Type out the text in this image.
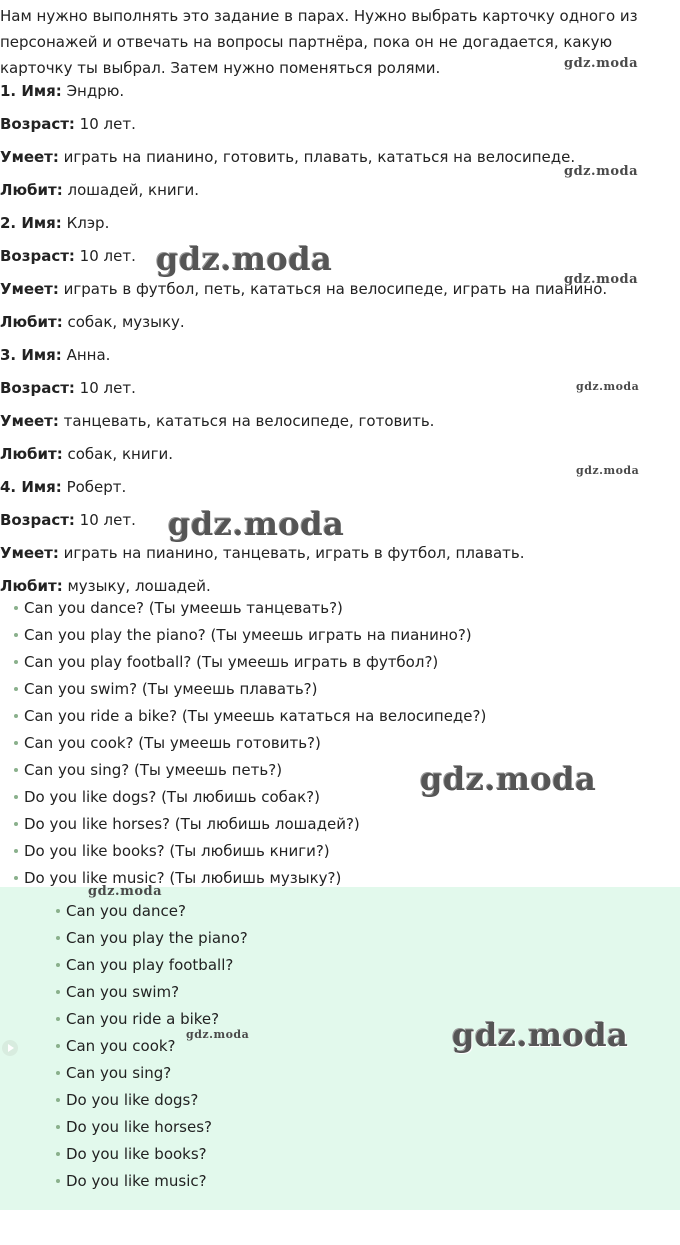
Нам нужно выполнять это задание в парах. Нужно выбрать карточку одного из персонажей и отвечать на вопросы партнёра, пока он не догадается, какую карточку ты выбрал. Затем нужно поменяться ролями.

1. Имя: Эндрю.
Возраст: 10 лет.
Умеет: играть на пианино, готовить, плавать, кататься на велосипеде.
Любит: лошадей, книги.
2. Имя: Клэр.
Возраст: 10 лет.
Умеет: играть в футбол, петь, кататься на велосипеде, играть на пианино.
Любит: собак, музыку.
3. Имя: Анна.
Возраст: 10 лет.
Умеет: танцевать, кататься на велосипеде, готовить.
Любит: собак, книги.
4. Имя: Роберт.
Возраст: 10 лет.
Умеет: играть на пианино, танцевать, играть в футбол, плавать.
Любит: музыку, лошадей.
Can you dance? (Ты умеешь танцевать?)
Can you play the piano? (Ты умеешь играть на пианино?)
Can you play football? (Ты умеешь играть в футбол?)
Can you swim? (Ты умеешь плавать?)
Can you ride a bike? (Ты умеешь кататься на велосипеде?)
Can you cook? (Ты умеешь готовить?)
Can you sing? (Ты умеешь петь?)
Do you like dogs? (Ты любишь собак?)
Do you like horses? (Ты любишь лошадей?)
Do you like books? (Ты любишь книги?)
Do you like music? (Ты любишь музыку?)
Can you dance?
Can you play the piano?
Can you play football?
Can you swim?
Can you ride a bike?
Can you cook?
Can you sing?
Do you like dogs?
Do you like horses?
Do you like books?
Do you like music?
gdz.moda
gdz.moda
gdz.moda
gdz.moda
gdz.moda
gdz.moda
gdz.moda
gdz.moda
gdz.moda
gdz.moda	gdz.moda
